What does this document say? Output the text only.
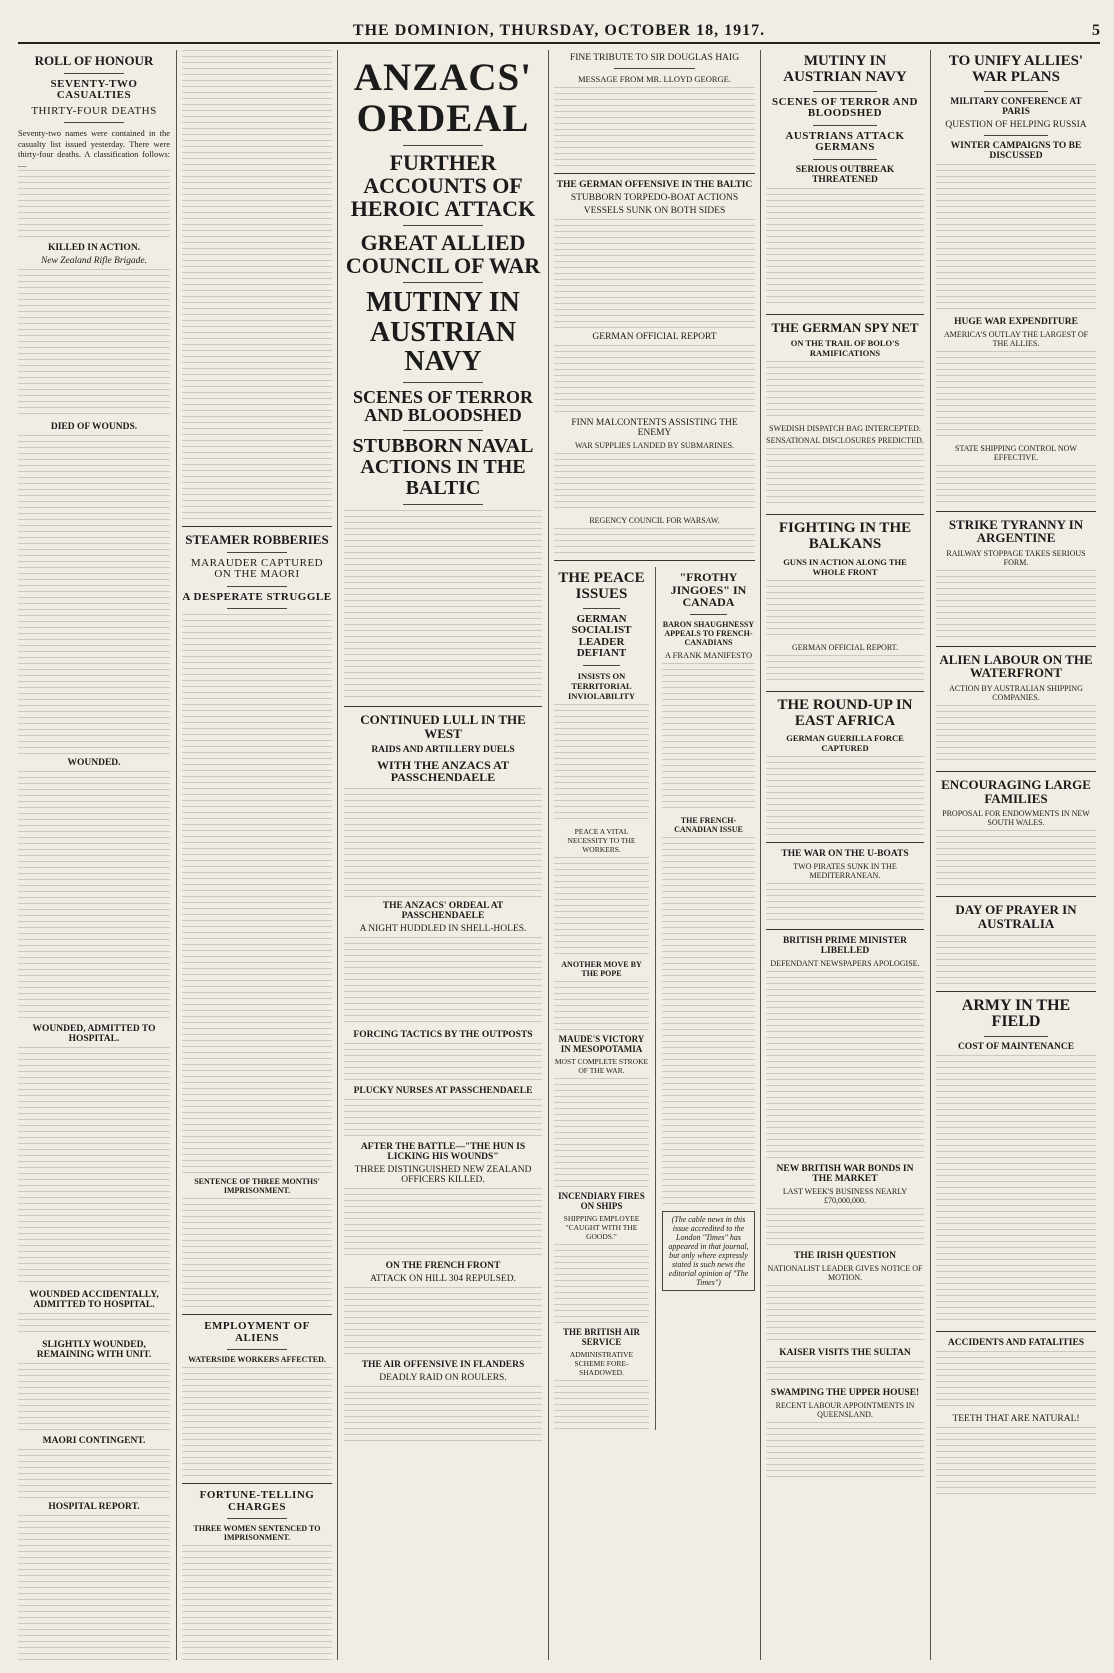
THE DOMINION, THURSDAY, OCTOBER 18, 1917.	5
ROLL OF HONOUR
SEVENTY-TWO CASUALTIES
THIRTY-FOUR DEATHS
Seventy-two names were contained in the casualty list issued yesterday. There were thirty-four deaths. A classification follows:—
KILLED IN ACTION.
New Zealand Rifle Brigade.
DIED OF WOUNDS.
WOUNDED.
WOUNDED, ADMITTED TO HOSPITAL.
WOUNDED ACCIDENTALLY, ADMITTED TO HOSPITAL.
SLIGHTLY WOUNDED, REMAINING WITH UNIT.
MAORI CONTINGENT.
HOSPITAL REPORT.
STEAMER ROBBERIES
MARAUDER CAPTURED ON THE MAORI
A DESPERATE STRUGGLE
SENTENCE OF THREE MONTHS' IMPRISONMENT.
EMPLOYMENT OF ALIENS
WATERSIDE WORKERS AFFECTED.
FORTUNE-TELLING CHARGES
THREE WOMEN SENTENCED TO IMPRISONMENT.
ANZACS' ORDEAL
FURTHER ACCOUNTS OF HEROIC ATTACK
GREAT ALLIED COUNCIL OF WAR
MUTINY IN AUSTRIAN NAVY
SCENES OF TERROR AND BLOODSHED
STUBBORN NAVAL ACTIONS IN THE BALTIC
CONTINUED LULL IN THE WEST
RAIDS AND ARTILLERY DUELS
WITH THE ANZACS AT PASSCHENDAELE
THE ANZACS' ORDEAL AT PASSCHENDAELE
A NIGHT HUDDLED IN SHELL-HOLES.
FORCING TACTICS BY THE OUTPOSTS
PLUCKY NURSES AT PASSCHENDAELE
AFTER THE BATTLE—"THE HUN IS LICKING HIS WOUNDS"
THREE DISTINGUISHED NEW ZEALAND OFFICERS KILLED.
ON THE FRENCH FRONT
ATTACK ON HILL 304 REPULSED.
THE AIR OFFENSIVE IN FLANDERS
DEADLY RAID ON ROULERS.
FINE TRIBUTE TO SIR DOUGLAS HAIG
MESSAGE FROM MR. LLOYD GEORGE.
THE GERMAN OFFENSIVE IN THE BALTIC
STUBBORN TORPEDO-BOAT ACTIONS
VESSELS SUNK ON BOTH SIDES
GERMAN OFFICIAL REPORT
FINN MALCONTENTS ASSISTING THE ENEMY
WAR SUPPLIES LANDED BY SUBMARINES.
REGENCY COUNCIL FOR WARSAW.
THE PEACE ISSUES
GERMAN SOCIALIST LEADER DEFIANT
INSISTS ON TERRITORIAL INVIOLABILITY
PEACE A VITAL NECESSITY TO THE WORKERS.
ANOTHER MOVE BY THE POPE
MAUDE'S VICTORY IN MESOPOTAMIA
MOST COMPLETE STROKE OF THE WAR.
INCENDIARY FIRES ON SHIPS
SHIPPING EMPLOYEE "CAUGHT WITH THE GOODS."
THE BRITISH AIR SERVICE
ADMINISTRATIVE SCHEME FORE-SHADOWED.
"FROTHY JINGOES" IN CANADA
BARON SHAUGHNESSY APPEALS TO FRENCH-CANADIANS
A FRANK MANIFESTO
THE FRENCH-CANADIAN ISSUE
(The cable news in this issue accredited to the London "Times" has appeared in that journal, but only where expressly stated is such news the editorial opinion of "The Times")
MUTINY IN AUSTRIAN NAVY
SCENES OF TERROR AND BLOODSHED
AUSTRIANS ATTACK GERMANS
SERIOUS OUTBREAK THREATENED
THE GERMAN SPY NET
ON THE TRAIL OF BOLO'S RAMIFICATIONS
SWEDISH DISPATCH BAG INTERCEPTED.
SENSATIONAL DISCLOSURES PREDICTED.
FIGHTING IN THE BALKANS
GUNS IN ACTION ALONG THE WHOLE FRONT
GERMAN OFFICIAL REPORT.
THE ROUND-UP IN EAST AFRICA
GERMAN GUERILLA FORCE CAPTURED
THE WAR ON THE U-BOATS
TWO PIRATES SUNK IN THE MEDITERRANEAN.
BRITISH PRIME MINISTER LIBELLED
DEFENDANT NEWSPAPERS APOLOGISE.
NEW BRITISH WAR BONDS IN THE MARKET
LAST WEEK'S BUSINESS NEARLY £70,000,000.
THE IRISH QUESTION
NATIONALIST LEADER GIVES NOTICE OF MOTION.
KAISER VISITS THE SULTAN
SWAMPING THE UPPER HOUSE!
RECENT LABOUR APPOINTMENTS IN QUEENSLAND.
TO UNIFY ALLIES' WAR PLANS
MILITARY CONFERENCE AT PARIS
QUESTION OF HELPING RUSSIA
WINTER CAMPAIGNS TO BE DISCUSSED
HUGE WAR EXPENDITURE
AMERICA'S OUTLAY THE LARGEST OF THE ALLIES.
STATE SHIPPING CONTROL NOW EFFECTIVE.
STRIKE TYRANNY IN ARGENTINE
RAILWAY STOPPAGE TAKES SERIOUS FORM.
ALIEN LABOUR ON THE WATERFRONT
ACTION BY AUSTRALIAN SHIPPING COMPANIES.
ENCOURAGING LARGE FAMILIES
PROPOSAL FOR ENDOWMENTS IN NEW SOUTH WALES.
DAY OF PRAYER IN AUSTRALIA
ARMY IN THE FIELD
COST OF MAINTENANCE
ACCIDENTS AND FATALITIES
TEETH THAT ARE NATURAL!
